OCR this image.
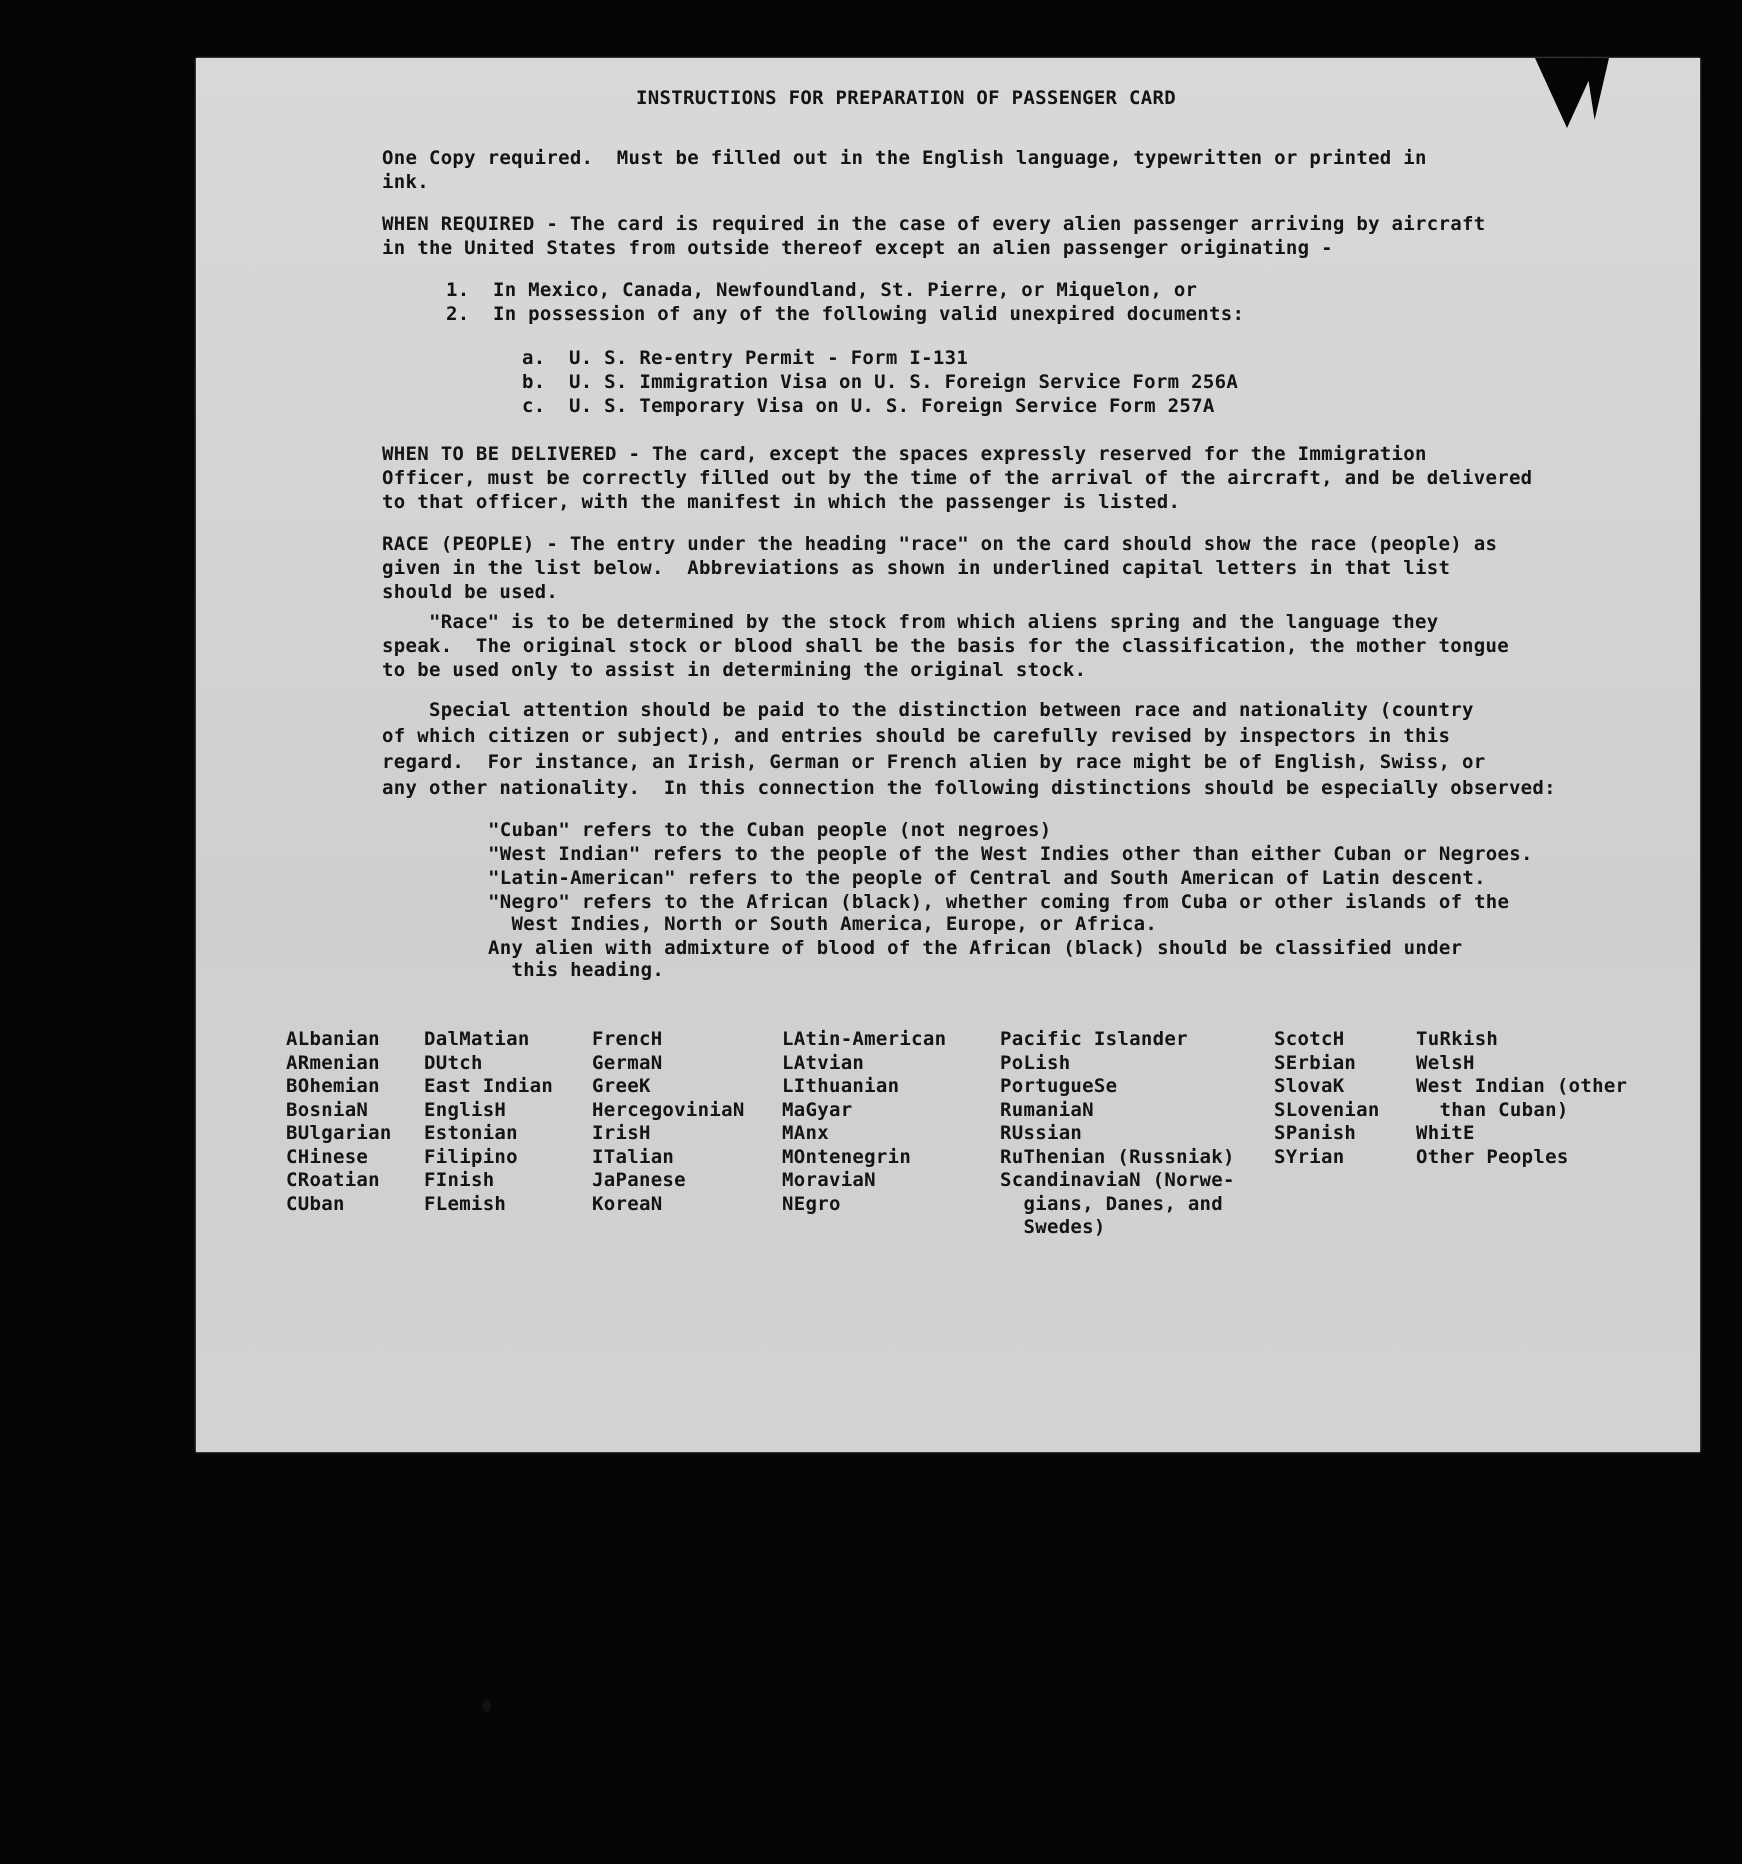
INSTRUCTIONS FOR PREPARATION OF PASSENGER CARD
One Copy required.  Must be filled out in the English language, typewritten or printed in
ink.
WHEN REQUIRED - The card is required in the case of every alien passenger arriving by aircraft
in the United States from outside thereof except an alien passenger originating -
1.  In Mexico, Canada, Newfoundland, St. Pierre, or Miquelon, or
2.  In possession of any of the following valid unexpired documents:
a.  U. S. Re-entry Permit - Form I-131
b.  U. S. Immigration Visa on U. S. Foreign Service Form 256A
c.  U. S. Temporary Visa on U. S. Foreign Service Form 257A
WHEN TO BE DELIVERED - The card, except the spaces expressly reserved for the Immigration
Officer, must be correctly filled out by the time of the arrival of the aircraft, and be delivered
to that officer, with the manifest in which the passenger is listed.
RACE (PEOPLE) - The entry under the heading "race" on the card should show the race (people) as
given in the list below.  Abbreviations as shown in underlined capital letters in that list
should be used.
"Race" is to be determined by the stock from which aliens spring and the language they
speak.  The original stock or blood shall be the basis for the classification, the mother tongue
to be used only to assist in determining the original stock.
Special attention should be paid to the distinction between race and nationality (country
of which citizen or subject), and entries should be carefully revised by inspectors in this
regard.  For instance, an Irish, German or French alien by race might be of English, Swiss, or
any other nationality.  In this connection the following distinctions should be especially observed:
"Cuban" refers to the Cuban people (not negroes)
"West Indian" refers to the people of the West Indies other than either Cuban or Negroes.
"Latin-American" refers to the people of Central and South American of Latin descent.
"Negro" refers to the African (black), whether coming from Cuba or other islands of the
West Indies, North or South America, Europe, or Africa.
Any alien with admixture of blood of the African (black) should be classified under
this heading.
ALbanian
ARmenian
BOhemian
BosniaN
BUlgarian
CHinese
CRoatian
CUban
DalMatian
DUtch
East Indian
EnglisH
Estonian
Filipino
FInish
FLemish
FrencH
GermaN
GreeK
HercegoviniaN
IrisH
ITalian
JaPanese
KoreaN
LAtin-American
LAtvian
LIthuanian
MaGyar
MAnx
MOntenegrin
MoraviaN
NEgro
Pacific Islander
PoLish
PortugueSe
RumaniaN
RUssian
RuThenian (Russniak)
ScandinaviaN (Norwe-
gians, Danes, and
Swedes)
ScotcH
SErbian
SlovaK
SLovenian
SPanish
SYrian
TuRkish
WelsH
West Indian (other
than Cuban)
WhitE
Other Peoples
